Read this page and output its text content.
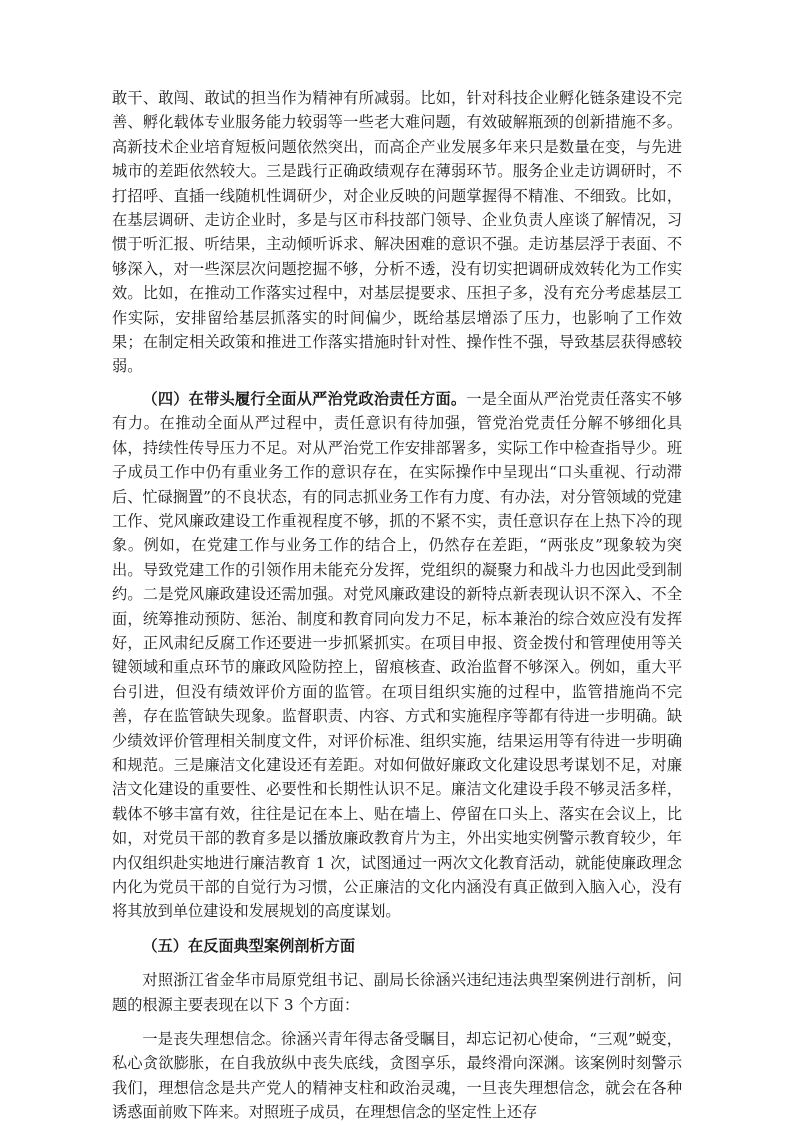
敢干、敢闯、敢试的担当作为精神有所减弱。比如，针对科技企业孵化链条建设不完善、孵化载体专业服务能力较弱等一些老大难问题，有效破解瓶颈的创新措施不多。高新技术企业培育短板问题依然突出，而高企产业发展多年来只是数量在变，与先进城市的差距依然较大。三是践行正确政绩观存在薄弱环节。服务企业走访调研时，不打招呼、直插一线随机性调研少，对企业反映的问题掌握得不精准、不细致。比如，在基层调研、走访企业时，多是与区市科技部门领导、企业负责人座谈了解情况，习惯于听汇报、听结果，主动倾听诉求、解决困难的意识不强。走访基层浮于表面、不够深入，对一些深层次问题挖掘不够，分析不透，没有切实把调研成效转化为工作实效。比如，在推动工作落实过程中，对基层提要求、压担子多，没有充分考虑基层工作实际，安排留给基层抓落实的时间偏少，既给基层增添了压力，也影响了工作效果；在制定相关政策和推进工作落实措施时针对性、操作性不强，导致基层获得感较弱。

（四）在带头履行全面从严治党政治责任方面。一是全面从严治党责任落实不够有力。在推动全面从严过程中，责任意识有待加强，管党治党责任分解不够细化具体，持续性传导压力不足。对从严治党工作安排部署多，实际工作中检查指导少。班子成员工作中仍有重业务工作的意识存在，在实际操作中呈现出“口头重视、行动滞后、忙碌搁置”的不良状态，有的同志抓业务工作有力度、有办法，对分管领域的党建工作、党风廉政建设工作重视程度不够，抓的不紧不实，责任意识存在上热下冷的现象。例如，在党建工作与业务工作的结合上，仍然存在差距，“两张皮”现象较为突出。导致党建工作的引领作用未能充分发挥，党组织的凝聚力和战斗力也因此受到制约。二是党风廉政建设还需加强。对党风廉政建设的新特点新表现认识不深入、不全面，统筹推动预防、惩治、制度和教育同向发力不足，标本兼治的综合效应没有发挥好，正风肃纪反腐工作还要进一步抓紧抓实。在项目申报、资金拨付和管理使用等关键领域和重点环节的廉政风险防控上，留痕核查、政治监督不够深入。例如，重大平台引进，但没有绩效评价方面的监管。在项目组织实施的过程中，监管措施尚不完善，存在监管缺失现象。监督职责、内容、方式和实施程序等都有待进一步明确。缺少绩效评价管理相关制度文件，对评价标准、组织实施，结果运用等有待进一步明确和规范。三是廉洁文化建设还有差距。对如何做好廉政文化建设思考谋划不足，对廉洁文化建设的重要性、必要性和长期性认识不足。廉洁文化建设手段不够灵活多样，载体不够丰富有效，往往是记在本上、贴在墙上、停留在口头上、落实在会议上，比如，对党员干部的教育多是以播放廉政教育片为主，外出实地实例警示教育较少，年内仅组织赴实地进行廉洁教育 1 次，试图通过一两次文化教育活动，就能使廉政理念内化为党员干部的自觉行为习惯，公正廉洁的文化内涵没有真正做到入脑入心，没有将其放到单位建设和发展规划的高度谋划。

（五）在反面典型案例剖析方面

对照浙江省金华市局原党组书记、副局长徐涵兴违纪违法典型案例进行剖析，问题的根源主要表现在以下 3 个方面：

一是丧失理想信念。徐涵兴青年得志备受瞩目，却忘记初心使命，“三观”蜕变，私心贪欲膨胀，在自我放纵中丧失底线，贪图享乐，最终滑向深渊。该案例时刻警示我们，理想信念是共产党人的精神支柱和政治灵魂，一旦丧失理想信念，就会在各种诱惑面前败下阵来。对照班子成员，在理想信念的坚定性上还存
